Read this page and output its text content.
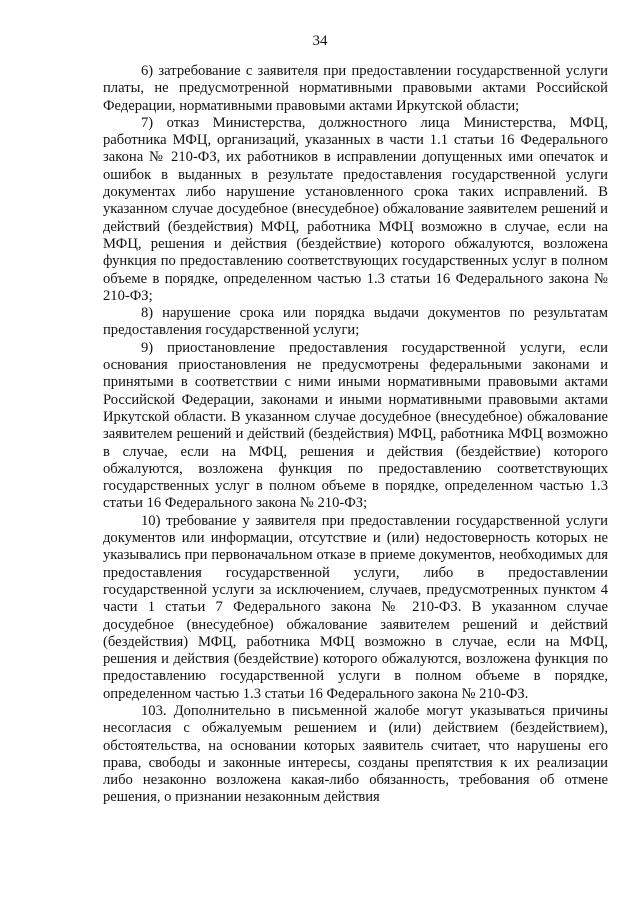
34

6) затребование с заявителя при предоставлении государственной услуги платы, не предусмотренной нормативными правовыми актами Российской Федерации, нормативными правовыми актами Иркутской области;

7) отказ Министерства, должностного лица Министерства, МФЦ, работника МФЦ, организаций, указанных в части 1.1 статьи 16 Федерального закона № 210-ФЗ, их работников в исправлении допущенных ими опечаток и ошибок в выданных в результате предоставления государственной услуги документах либо нарушение установленного срока таких исправлений. В указанном случае досудебное (внесудебное) обжалование заявителем решений и действий (бездействия) МФЦ, работника МФЦ возможно в случае, если на МФЦ, решения и действия (бездействие) которого обжалуются, возложена функция по предоставлению соответствующих государственных услуг в полном объеме в порядке, определенном частью 1.3 статьи 16 Федерального закона № 210-ФЗ;

8) нарушение срока или порядка выдачи документов по результатам предоставления государственной услуги;

9) приостановление предоставления государственной услуги, если основания приостановления не предусмотрены федеральными законами и принятыми в соответствии с ними иными нормативными правовыми актами Российской Федерации, законами и иными нормативными правовыми актами Иркутской области. В указанном случае досудебное (внесудебное) обжалование заявителем решений и действий (бездействия) МФЦ, работника МФЦ возможно в случае, если на МФЦ, решения и действия (бездействие) которого обжалуются, возложена функция по предоставлению соответствующих государственных услуг в полном объеме в порядке, определенном частью 1.3 статьи 16 Федерального закона № 210-ФЗ;

10) требование у заявителя при предоставлении государственной услуги документов или информации, отсутствие и (или) недостоверность которых не указывались при первоначальном отказе в приеме документов, необходимых для предоставления государственной услуги, либо в предоставлении государственной услуги за исключением, случаев, предусмотренных пунктом 4 части 1 статьи 7 Федерального закона № 210-ФЗ. В указанном случае досудебное (внесудебное) обжалование заявителем решений и действий (бездействия) МФЦ, работника МФЦ возможно в случае, если на МФЦ, решения и действия (бездействие) которого обжалуются, возложена функция по предоставлению государственной услуги в полном объеме в порядке, определенном частью 1.3 статьи 16 Федерального закона № 210-ФЗ.

103. Дополнительно в письменной жалобе могут указываться причины несогласия с обжалуемым решением и (или) действием (бездействием), обстоятельства, на основании которых заявитель считает, что нарушены его права, свободы и законные интересы, созданы препятствия к их реализации либо незаконно возложена какая-либо обязанность, требования об отмене решения, о признании незаконным действия
